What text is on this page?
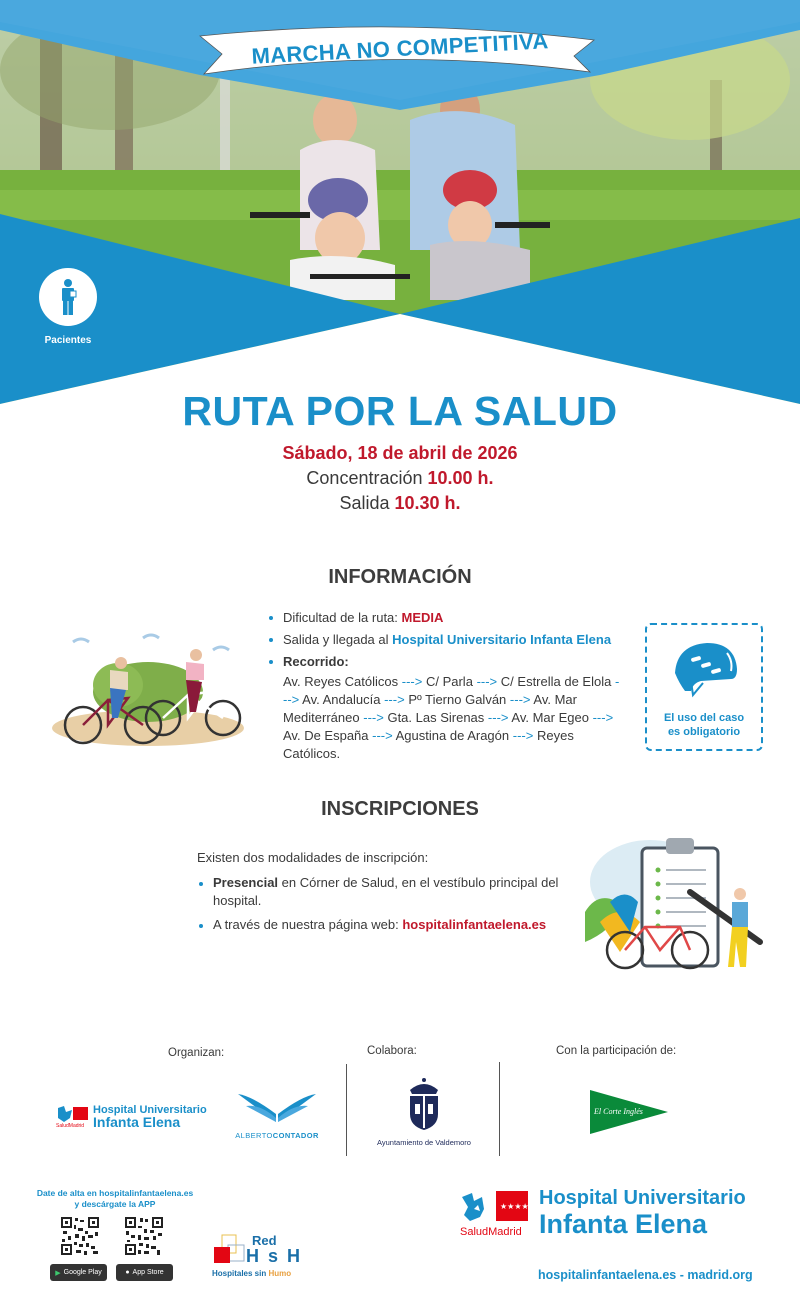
MARCHA NO COMPETITIVA
Pacientes
RUTA POR LA SALUD
Sábado, 18 de abril de 2026
Concentración 10.00 h.
Salida 10.30 h.
INFORMACIÓN
Dificultad de la ruta: MEDIA
Salida y llegada al Hospital Universitario Infanta Elena
Recorrido:
Av. Reyes Católicos ---> C/ Parla ---> C/ Estrella de Elola ---> Av. Andalucía ---> Pº Tierno Galván ---> Av. Mar Mediterráneo ---> Gta. Las Sirenas ---> Av. Mar Egeo ---> Av. De España ---> Agustina de Aragón ---> Reyes Católicos.
El uso del caso
es obligatorio
INSCRIPCIONES
Existen dos modalidades de inscripción:
Presencial en Córner de Salud, en el vestíbulo principal del hospital.
A través de nuestra página web: hospitalinfantaelena.es
Organizan:	Colabora:	Con la participación de:
SaludMadrid
Hospital Universitario
Infanta Elena
ALBERTOCONTADOR
Ayuntamiento de Valdemoro
El Corte Inglés
Date de alta en hospitalinfantaelena.es
y descárgate la APP
▶ Google Play	● App Store
Red
H s H
Hospitales sin Humo
★★★★
SaludMadrid
Hospital Universitario
Infanta Elena
hospitalinfantaelena.es - madrid.org
